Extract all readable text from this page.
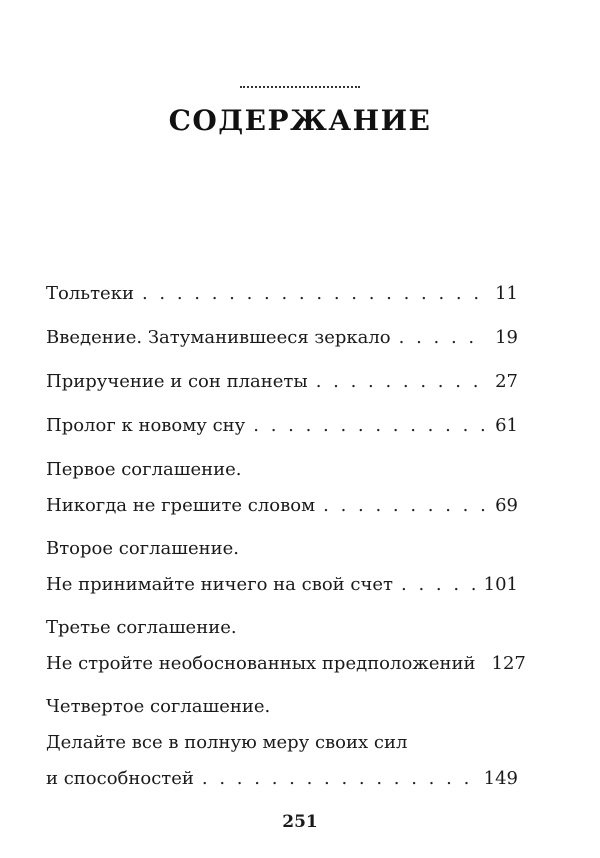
СОДЕРЖАНИЕ
Тольтеки . . .	11
Введение. Затуманившееся зеркало . . .	19
Приручение и сон планеты . . .	27
Пролог к новому сну . . .	61
Первое соглашение.
Никогда не грешите словом . . .	69
Второе соглашение.
Не принимайте ничего на свой счет . . .	101
Третье соглашение.
Не стройте необоснованных предположений 127
Четвертое соглашение.
Делайте все в полную меру своих сил
и способностей . . .	149
251
